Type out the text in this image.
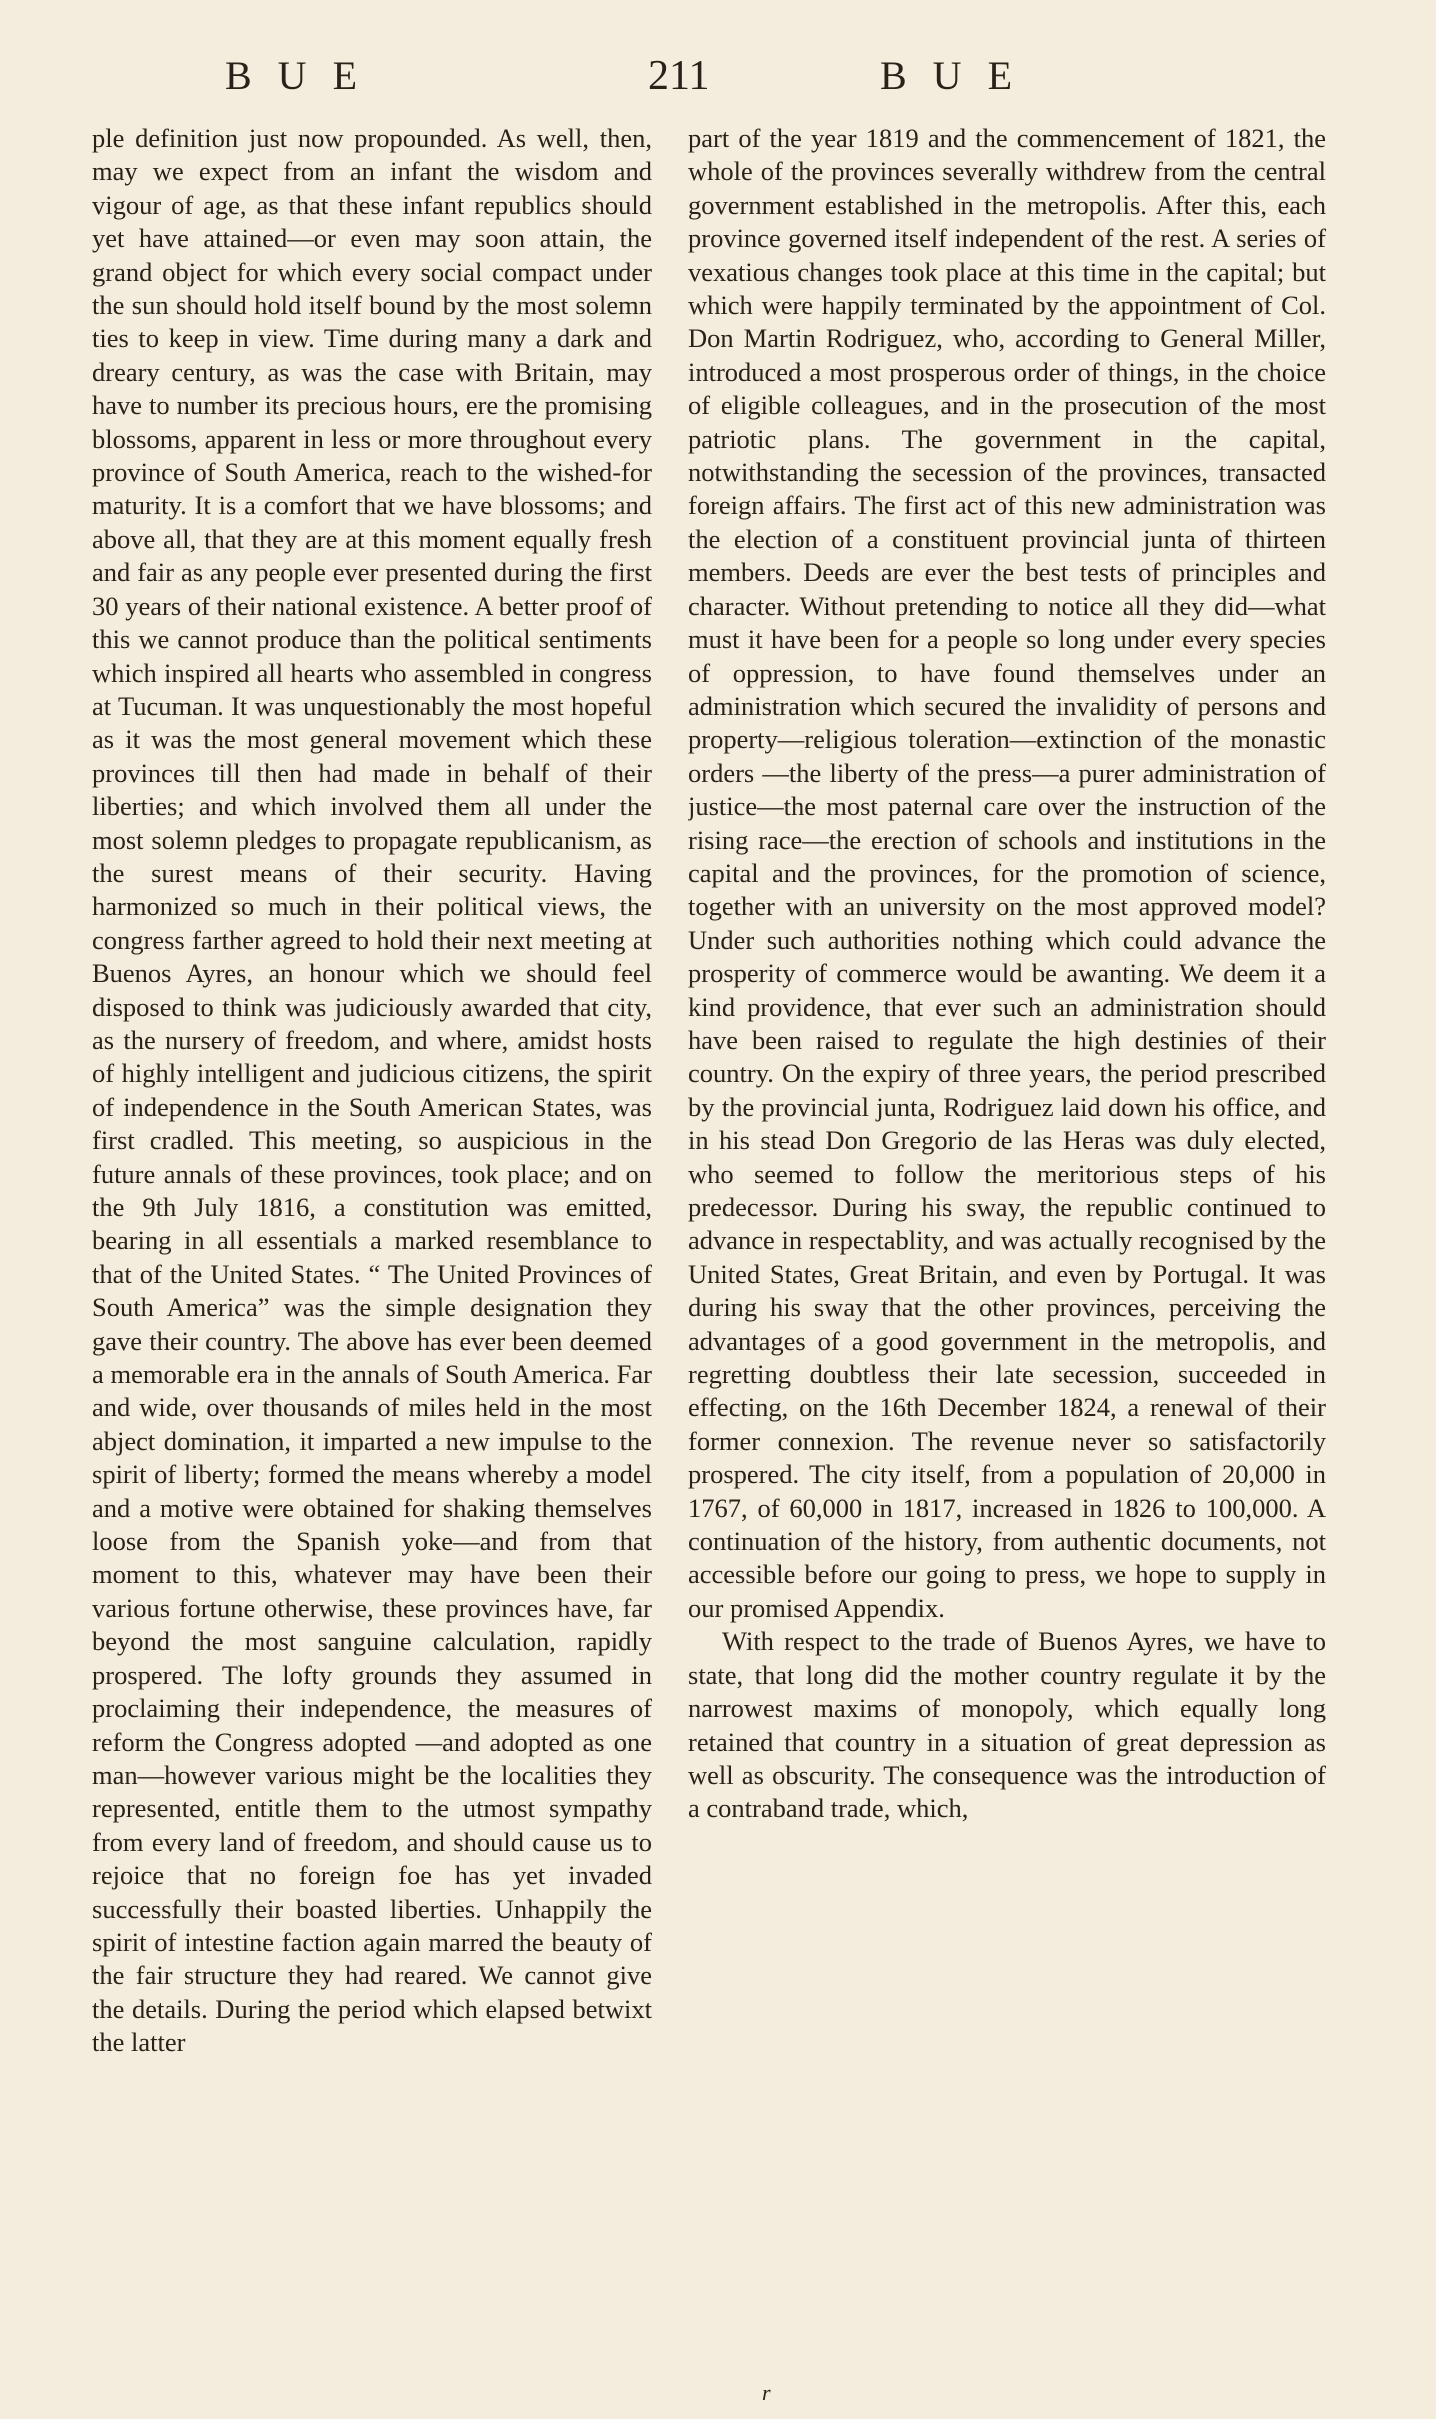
BUE	211	BUE

ple definition just now propounded. As well, then, may we expect from an infant the wisdom and vigour of age, as that these infant republics should yet have attained—or even may soon attain, the grand object for which every social compact under the sun should hold itself bound by the most solemn ties to keep in view. Time during many a dark and dreary century, as was the case with Britain, may have to number its precious hours, ere the promising blossoms, apparent in less or more throughout every province of South America, reach to the wished-for maturity. It is a comfort that we have blossoms; and above all, that they are at this moment equally fresh and fair as any people ever presented during the first 30 years of their national existence. A better proof of this we cannot produce than the political sentiments which inspired all hearts who assembled in congress at Tucuman. It was unquestionably the most hopeful as it was the most general movement which these provinces till then had made in behalf of their liberties; and which involved them all under the most solemn pledges to propagate republicanism, as the surest means of their security. Having harmonized so much in their political views, the congress farther agreed to hold their next meeting at Buenos Ayres, an honour which we should feel disposed to think was judiciously awarded that city, as the nursery of freedom, and where, amidst hosts of highly intelligent and judicious citizens, the spirit of independence in the South American States, was first cradled. This meeting, so auspicious in the future annals of these provinces, took place; and on the 9th July 1816, a constitution was emitted, bearing in all essentials a marked resemblance to that of the United States. “ The United Provinces of South America” was the simple designation they gave their country. The above has ever been deemed a memorable era in the annals of South America. Far and wide, over thousands of miles held in the most abject domination, it imparted a new impulse to the spirit of liberty; formed the means whereby a model and a motive were obtained for shaking themselves loose from the Spanish yoke—and from that moment to this, whatever may have been their various fortune otherwise, these provinces have, far beyond the most sanguine calculation, rapidly prospered. The lofty grounds they assumed in proclaiming their independence, the measures of reform the Congress adopted —and adopted as one man—however various might be the localities they represented, entitle them to the utmost sympathy from every land of freedom, and should cause us to rejoice that no foreign foe has yet invaded successfully their boasted liberties. Unhappily the spirit of intestine faction again marred the beauty of the fair structure they had reared. We cannot give the details. During the period which elapsed betwixt the latter

part of the year 1819 and the commencement of 1821, the whole of the provinces severally withdrew from the central government established in the metropolis. After this, each province governed itself independent of the rest. A series of vexatious changes took place at this time in the capital; but which were happily terminated by the appointment of Col. Don Martin Rodriguez, who, according to General Miller, introduced a most prosperous order of things, in the choice of eligible colleagues, and in the prosecution of the most patriotic plans. The government in the capital, notwithstanding the secession of the provinces, transacted foreign affairs. The first act of this new administration was the election of a constituent provincial junta of thirteen members. Deeds are ever the best tests of principles and character. Without pretending to notice all they did—what must it have been for a people so long under every species of oppression, to have found themselves under an administration which secured the invalidity of persons and property—religious toleration—extinction of the monastic orders —the liberty of the press—a purer administration of justice—the most paternal care over the instruction of the rising race—the erection of schools and institutions in the capital and the provinces, for the promotion of science, together with an university on the most approved model? Under such authorities nothing which could advance the prosperity of commerce would be awanting. We deem it a kind providence, that ever such an administration should have been raised to regulate the high destinies of their country. On the expiry of three years, the period prescribed by the provincial junta, Rodriguez laid down his office, and in his stead Don Gregorio de las Heras was duly elected, who seemed to follow the meritorious steps of his predecessor. During his sway, the republic continued to advance in respectablity, and was actually recognised by the United States, Great Britain, and even by Portugal. It was during his sway that the other provinces, perceiving the advantages of a good government in the metropolis, and regretting doubtless their late secession, succeeded in effecting, on the 16th December 1824, a renewal of their former connexion. The revenue never so satisfactorily prospered. The city itself, from a population of 20,000 in 1767, of 60,000 in 1817, increased in 1826 to 100,000. A continuation of the history, from authentic documents, not accessible before our going to press, we hope to supply in our promised Appendix.

With respect to the trade of Buenos Ayres, we have to state, that long did the mother country regulate it by the narrowest maxims of monopoly, which equally long retained that country in a situation of great depression as well as obscurity. The consequence was the introduction of a contraband trade, which,

r
